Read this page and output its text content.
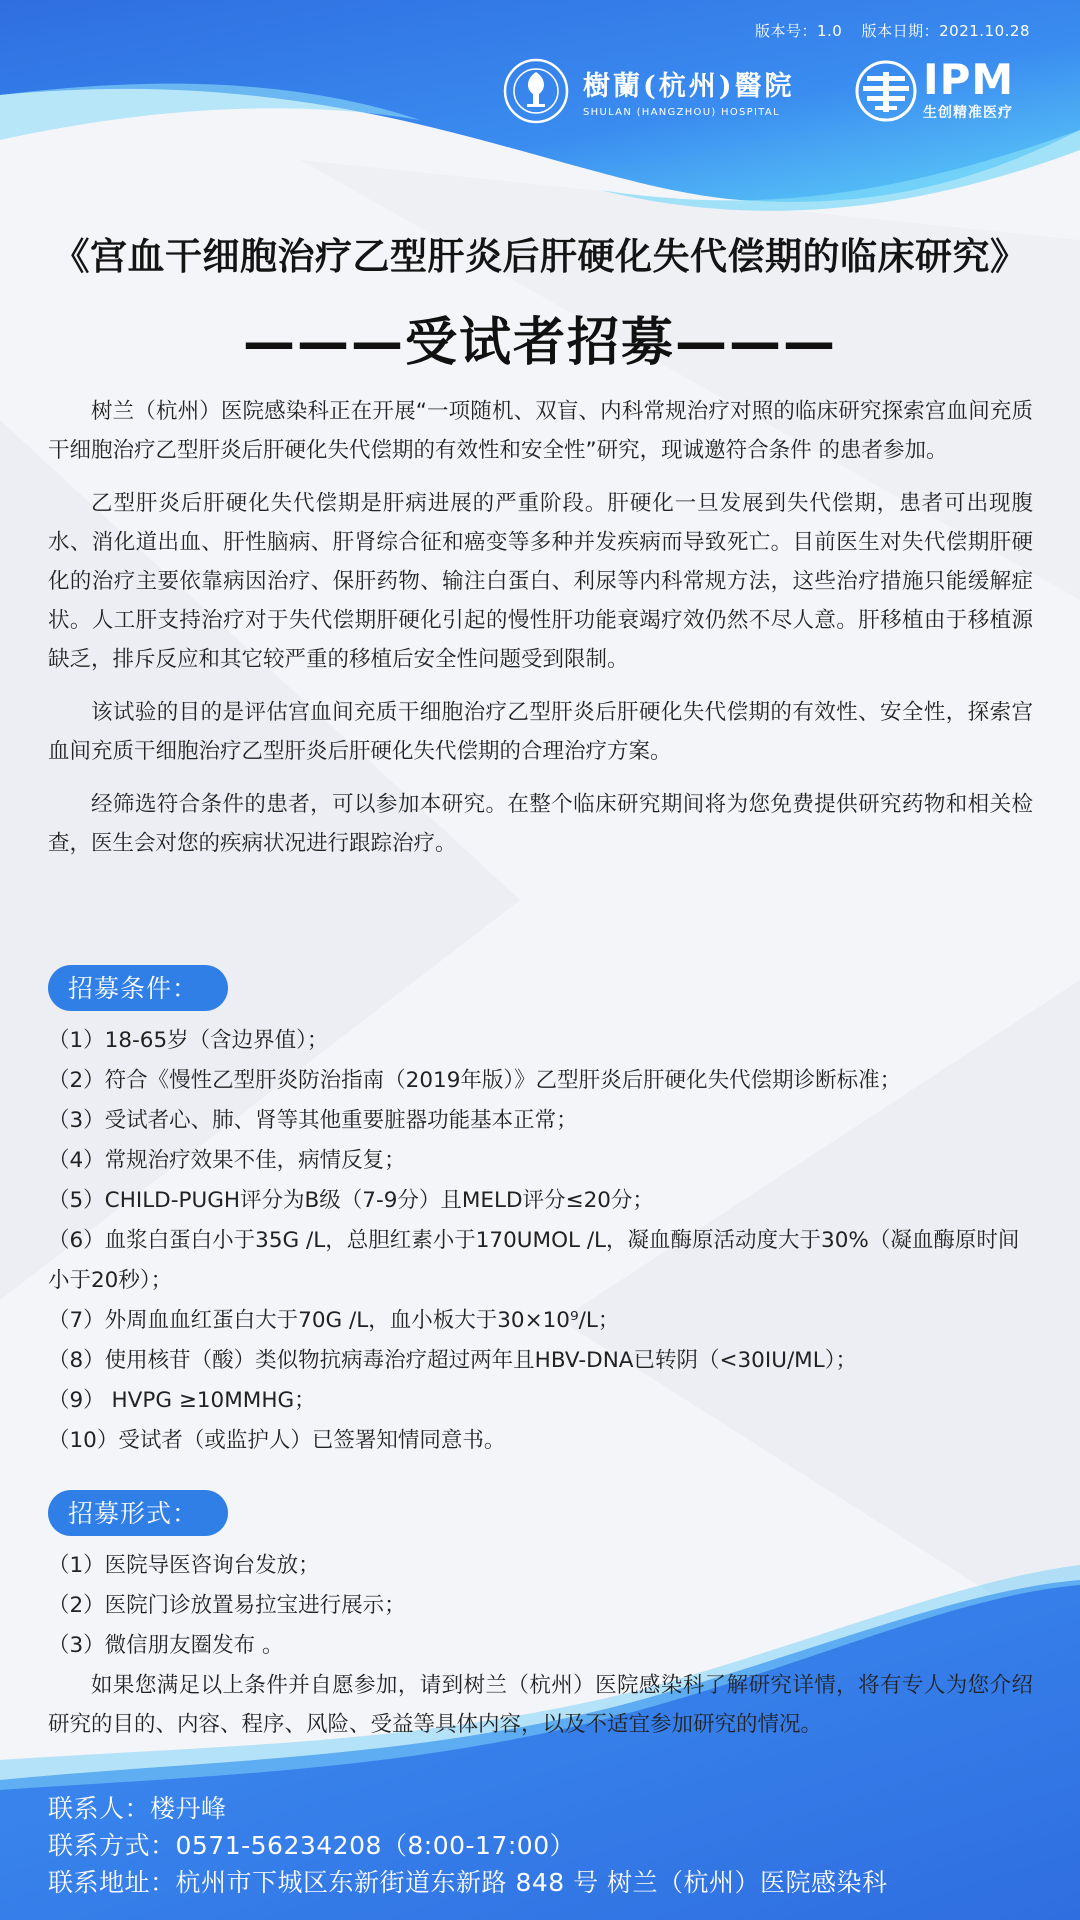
版本号：1.0 版本日期：2021.10.28
樹蘭(杭州)醫院
SHULAN (HANGZHOU) HOSPITAL
IPM
生创精准医疗
《宫血干细胞治疗乙型肝炎后肝硬化失代偿期的临床研究》
———受试者招募———

树兰（杭州）医院感染科正在开展“一项随机、双盲、内科常规治疗对照的临床研究探索宫血间充质干细胞治疗乙型肝炎后肝硬化失代偿期的有效性和安全性”研究，现诚邀符合条件 的患者参加。

乙型肝炎后肝硬化失代偿期是肝病进展的严重阶段。肝硬化一旦发展到失代偿期，患者可出现腹水、消化道出血、肝性脑病、肝肾综合征和癌变等多种并发疾病而导致死亡。目前医生对失代偿期肝硬化的治疗主要依靠病因治疗、保肝药物、输注白蛋白、利尿等内科常规方法，这些治疗措施只能缓解症状。人工肝支持治疗对于失代偿期肝硬化引起的慢性肝功能衰竭疗效仍然不尽人意。肝移植由于移植源缺乏，排斥反应和其它较严重的移植后安全性问题受到限制。

该试验的目的是评估宫血间充质干细胞治疗乙型肝炎后肝硬化失代偿期的有效性、安全性，探索宫血间充质干细胞治疗乙型肝炎后肝硬化失代偿期的合理治疗方案。

经筛选符合条件的患者，可以参加本研究。在整个临床研究期间将为您免费提供研究药物和相关检查，医生会对您的疾病状况进行跟踪治疗。

招募条件：
（1）18-65岁（含边界值）；
（2）符合《慢性乙型肝炎防治指南（2019年版）》乙型肝炎后肝硬化失代偿期诊断标准；
（3）受试者心、肺、肾等其他重要脏器功能基本正常；
（4）常规治疗效果不佳，病情反复；
（5）CHILD-PUGH评分为B级（7-9分）且MELD评分≤20分；
（6）血浆白蛋白小于35G /L，总胆红素小于170UMOL /L，凝血酶原活动度大于30%（凝血酶原时间小于20秒）；
（7）外周血血红蛋白大于70G /L，血小板大于30×10⁹/L；
（8）使用核苷（酸）类似物抗病毒治疗超过两年且HBV-DNA已转阴（<30IU/ML）；
（9） HVPG ≥10MMHG；
（10）受试者（或监护人）已签署知情同意书。
招募形式：
（1）医院导医咨询台发放；
（2）医院门诊放置易拉宝进行展示；
（3）微信朋友圈发布 。

如果您满足以上条件并自愿参加，请到树兰（杭州）医院感染科了解研究详情，将有专人为您介绍研究的目的、内容、程序、风险、受益等具体内容，以及不适宜参加研究的情况。

联系人：楼丹峰
联系方式：0571-56234208（8:00-17:00）
联系地址：杭州市下城区东新街道东新路 848 号 树兰（杭州）医院感染科
